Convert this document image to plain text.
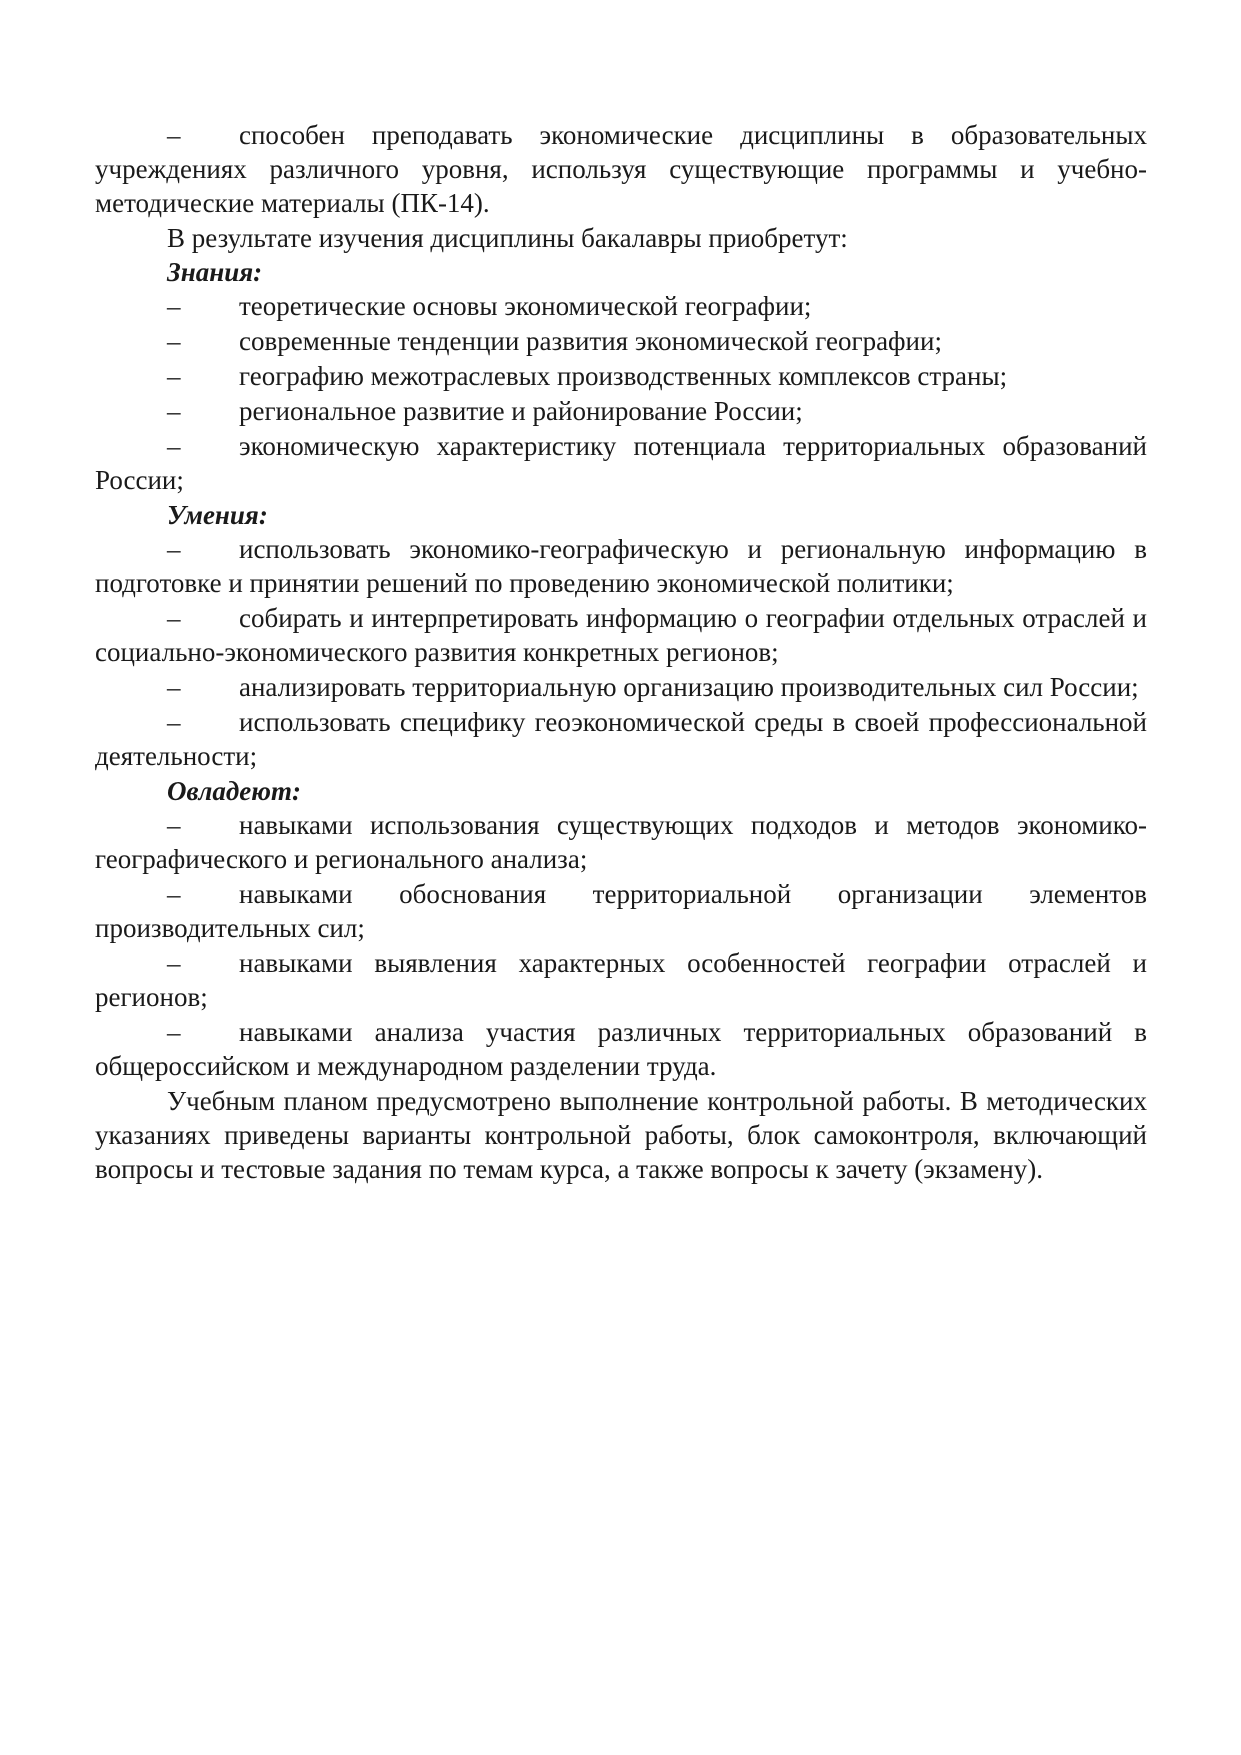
– способен преподавать экономические дисциплины в образовательных учреждениях различного уровня, используя существующие программы и учебно-методические материалы (ПК-14).

В результате изучения дисциплины бакалавры приобретут:

Знания:

– теоретические основы экономической географии;

– современные тенденции развития экономической географии;

– географию межотраслевых производственных комплексов страны;

– региональное развитие и районирование России;

– экономическую характеристику потенциала территориальных образований России;

Умения:

– использовать экономико-географическую и региональную информацию в подготовке и принятии решений по проведению экономической политики;

– собирать и интерпретировать информацию о географии отдельных отраслей и социально-экономического развития конкретных регионов;

– анализировать территориальную организацию производительных сил России;

– использовать специфику геоэкономической среды в своей профессиональной деятельности;

Овладеют:

– навыками использования существующих подходов и методов экономико-географического и регионального анализа;

– навыками обоснования территориальной организации элементов производительных сил;

– навыками выявления характерных особенностей географии отраслей и регионов;

– навыками анализа участия различных территориальных образований в общероссийском и международном разделении труда.

Учебным планом предусмотрено выполнение контрольной работы. В методических указаниях приведены варианты контрольной работы, блок самоконтроля, включающий вопросы и тестовые задания по темам курса, а также вопросы к зачету (экзамену).
